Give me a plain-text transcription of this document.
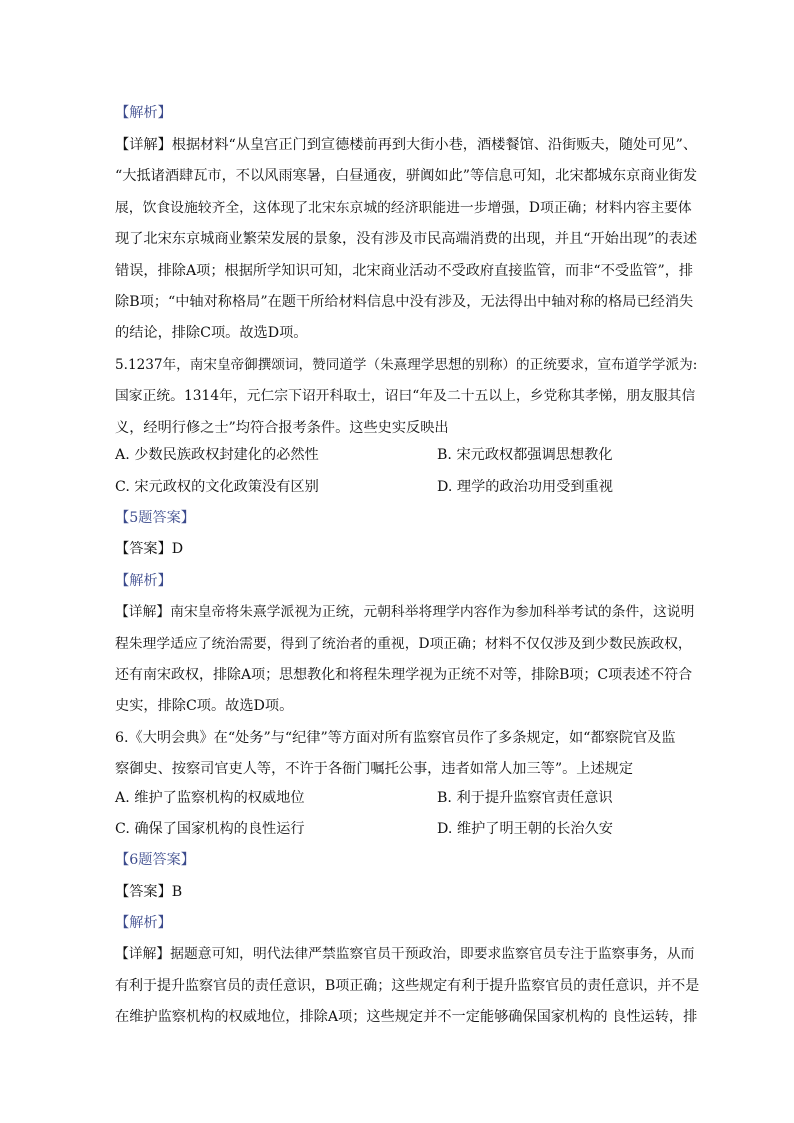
【解析】
【详解】根据材料“从皇宫正门到宣德楼前再到大街小巷，酒楼餐馆、沿街贩夫，随处可见”、
“大抵诸酒肆瓦市，不以风雨寒暑，白昼通夜，骈阗如此”等信息可知，北宋都城东京商业街发
展，饮食设施较齐全，这体现了北宋东京城的经济职能进一步增强，D项正确；材料内容主要体
现了北宋东京城商业繁荣发展的景象，没有涉及市民高端消费的出现，并且“开始出现”的表述
错误，排除A项；根据所学知识可知，北宋商业活动不受政府直接监管，而非“不受监管”，排
除B项；“中轴对称格局”在题干所给材料信息中没有涉及，无法得出中轴对称的格局已经消失
的结论，排除C项。故选D项。
5.1237年，南宋皇帝御撰颂词，赞同道学（朱熹理学思想的别称）的正统要求，宣布道学学派为:
国家正统。1314年，元仁宗下诏开科取士，诏曰“年及二十五以上，乡党称其孝悌，朋友服其信
义，经明行修之士”均符合报考条件。这些史实反映出
A. 少数民族政权封建化的必然性	B. 宋元政权都强调思想教化
C. 宋元政权的文化政策没有区别	D. 理学的政治功用受到重视
【5题答案】
【答案】D
【解析】
【详解】南宋皇帝将朱熹学派视为正统，元朝科举将理学内容作为参加科举考试的条件，这说明
程朱理学适应了统治需要，得到了统治者的重视，D项正确；材料不仅仅涉及到少数民族政权，
还有南宋政权，排除A项；思想教化和将程朱理学视为正统不对等，排除B项；C项表述不符合
史实，排除C项。故选D项。
6.《大明会典》在“处务”与“纪律”等方面对所有监察官员作了多条规定，如“都察院官及监
察御史、按察司官吏人等，不许于各衙门嘱托公事，违者如常人加三等”。上述规定
A. 维护了监察机构的权威地位	B. 利于提升监察官责任意识
C. 确保了国家机构的良性运行	D. 维护了明王朝的长治久安
【6题答案】
【答案】B
【解析】
【详解】据题意可知，明代法律严禁监察官员干预政治，即要求监察官员专注于监察事务，从而
有利于提升监察官员的责任意识，B项正确；这些规定有利于提升监察官员的责任意识，并不是
在维护监察机构的权威地位，排除A项；这些规定并不一定能够确保国家机构的 良性运转，排
